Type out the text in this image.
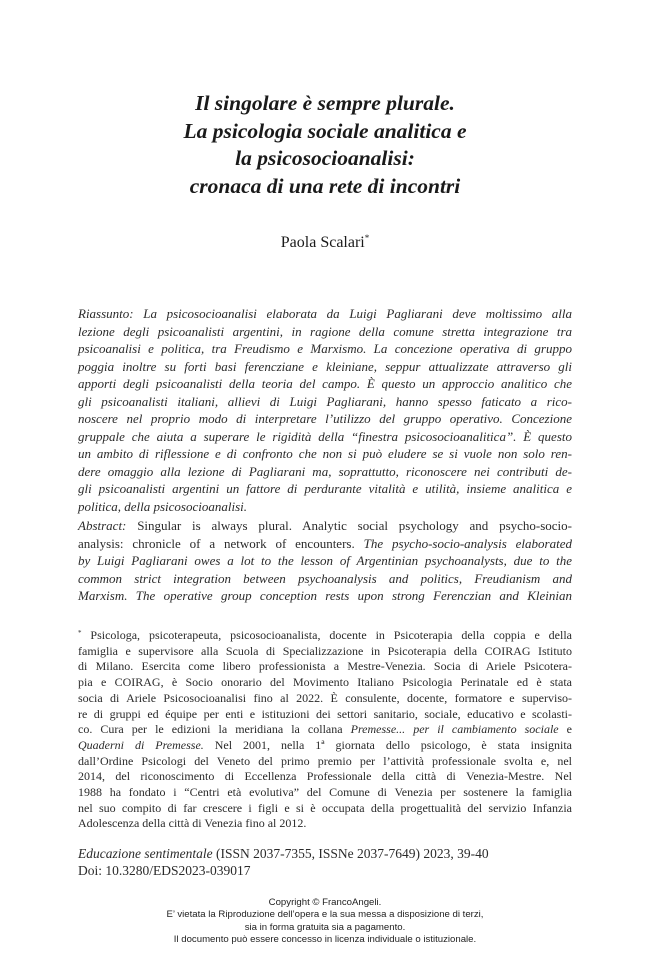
Il singolare è sempre plurale.
La psicologia sociale analitica e
la psicosocioanalisi:
cronaca di una rete di incontri
Paola Scalari*
Riassunto: La psicosocioanalisi elaborata da Luigi Pagliarani deve moltissimo alla
lezione degli psicoanalisti argentini, in ragione della comune stretta integrazione tra
psicoanalisi e politica, tra Freudismo e Marxismo. La concezione operativa di gruppo
poggia inoltre su forti basi ferencziane e kleiniane, seppur attualizzate attraverso gli
apporti degli psicoanalisti della teoria del campo. È questo un approccio analitico che
gli psicoanalisti italiani, allievi di Luigi Pagliarani, hanno spesso faticato a rico-
noscere nel proprio modo di interpretare l’utilizzo del gruppo operativo. Concezione
gruppale che aiuta a superare le rigidità della “finestra psicosocioanalitica”. È questo
un ambito di riflessione e di confronto che non si può eludere se si vuole non solo ren-
dere omaggio alla lezione di Pagliarani ma, soprattutto, riconoscere nei contributi de-
gli psicoanalisti argentini un fattore di perdurante vitalità e utilità, insieme analitica e
politica, della psicosocioanalisi.
Abstract: Singular is always plural. Analytic social psychology and psycho-socio-
analysis: chronicle of a network of encounters. The psycho-socio-analysis elaborated
by Luigi Pagliarani owes a lot to the lesson of Argentinian psychoanalysts, due to the
common strict integration between psychoanalysis and politics, Freudianism and
Marxism. The operative group conception rests upon strong Ferenczian and Kleinian
* Psicologa, psicoterapeuta, psicosocioanalista, docente in Psicoterapia della coppia e della
famiglia e supervisore alla Scuola di Specializzazione in Psicoterapia della COIRAG Istituto
di Milano. Esercita come libero professionista a Mestre-Venezia. Socia di Ariele Psicotera-
pia e COIRAG, è Socio onorario del Movimento Italiano Psicologia Perinatale ed è stata
socia di Ariele Psicosocioanalisi fino al 2022. È consulente, docente, formatore e superviso-
re di gruppi ed équipe per enti e istituzioni dei settori sanitario, sociale, educativo e scolasti-
co. Cura per le edizioni la meridiana la collana Premesse... per il cambiamento sociale e
Quaderni di Premesse. Nel 2001, nella 1ª giornata dello psicologo, è stata insignita
dall’Ordine Psicologi del Veneto del primo premio per l’attività professionale svolta e, nel
2014, del riconoscimento di Eccellenza Professionale della città di Venezia-Mestre. Nel
1988 ha fondato i “Centri età evolutiva” del Comune di Venezia per sostenere la famiglia
nel suo compito di far crescere i figli e si è occupata della progettualità del servizio Infanzia
Adolescenza della città di Venezia fino al 2012.
Educazione sentimentale (ISSN 2037-7355, ISSNe 2037-7649) 2023, 39-40
Doi: 10.3280/EDS2023-039017
Copyright © FrancoAngeli.
E’ vietata la Riproduzione dell’opera e la sua messa a disposizione di terzi,
sia in forma gratuita sia a pagamento.
Il documento può essere concesso in licenza individuale o istituzionale.
